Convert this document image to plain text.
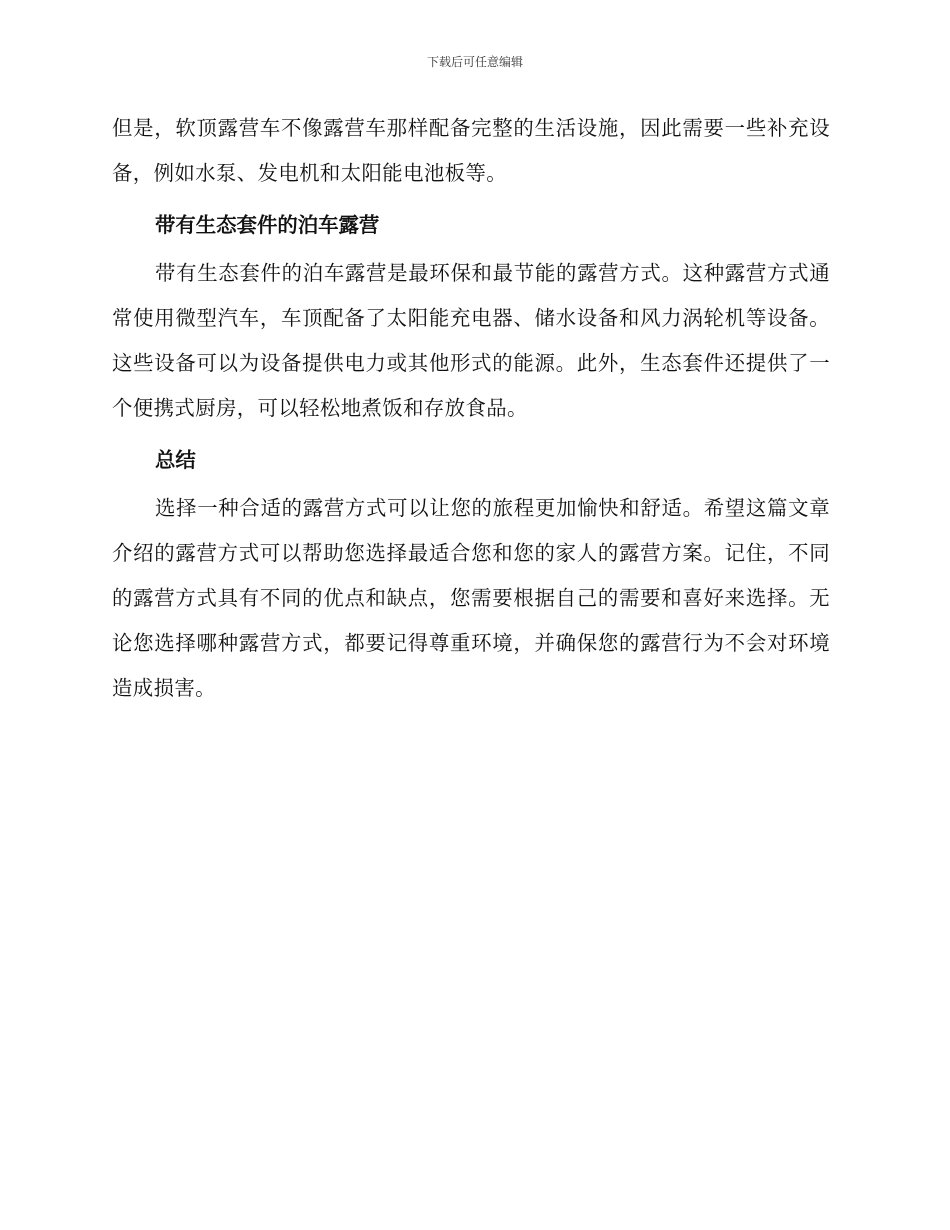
下载后可任意编辑

但是，软顶露营车不像露营车那样配备完整的生活设施，因此需要一些补充设备，例如水泵、发电机和太阳能电池板等。

带有生态套件的泊车露营

带有生态套件的泊车露营是最环保和最节能的露营方式。这种露营方式通常使用微型汽车，车顶配备了太阳能充电器、储水设备和风力涡轮机等设备。这些设备可以为设备提供电力或其他形式的能源。此外，生态套件还提供了一个便携式厨房，可以轻松地煮饭和存放食品。

总结

选择一种合适的露营方式可以让您的旅程更加愉快和舒适。希望这篇文章介绍的露营方式可以帮助您选择最适合您和您的家人的露营方案。记住，不同的露营方式具有不同的优点和缺点，您需要根据自己的需要和喜好来选择。无论您选择哪种露营方式，都要记得尊重环境，并确保您的露营行为不会对环境造成损害。
